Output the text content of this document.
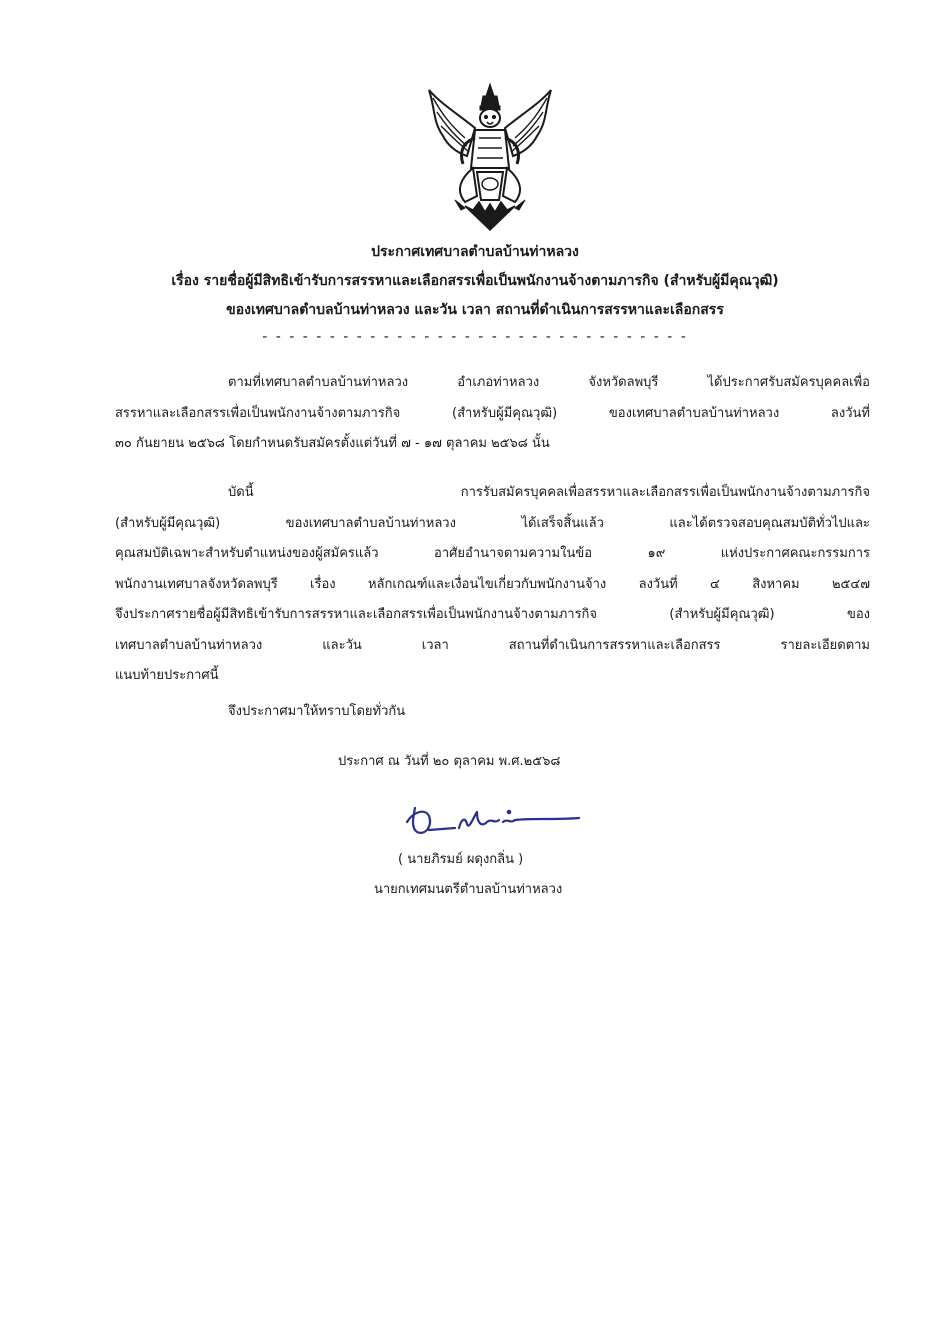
ประกาศเทศบาลตำบลบ้านท่าหลวง
เรื่อง รายชื่อผู้มีสิทธิเข้ารับการสรรหาและเลือกสรรเพื่อเป็นพนักงานจ้างตามภารกิจ (สำหรับผู้มีคุณวุฒิ)
ของเทศบาลตำบลบ้านท่าหลวง และวัน เวลา สถานที่ดำเนินการสรรหาและเลือกสรร
- - - - - - - - - - - - - - - - - - - - - - - - - - - - - - - -
ตามที่เทศบาลตำบลบ้านท่าหลวง อำเภอท่าหลวง จังหวัดลพบุรี ได้ประกาศรับสมัครบุคคลเพื่อ
สรรหาและเลือกสรรเพื่อเป็นพนักงานจ้างตามภารกิจ (สำหรับผู้มีคุณวุฒิ) ของเทศบาลตำบลบ้านท่าหลวง ลงวันที่
๓๐ กันยายน ๒๕๖๘ โดยกำหนดรับสมัครตั้งแต่วันที่ ๗ - ๑๗ ตุลาคม ๒๕๖๘ นั้น
บัดนี้ การรับสมัครบุคคลเพื่อสรรหาและเลือกสรรเพื่อเป็นพนักงานจ้างตามภารกิจ
(สำหรับผู้มีคุณวุฒิ) ของเทศบาลตำบลบ้านท่าหลวง ได้เสร็จสิ้นแล้ว และได้ตรวจสอบคุณสมบัติทั่วไปและ
คุณสมบัติเฉพาะสำหรับตำแหน่งของผู้สมัครแล้ว อาศัยอำนาจตามความในข้อ ๑๙ แห่งประกาศคณะกรรมการ
พนักงานเทศบาลจังหวัดลพบุรี เรื่อง หลักเกณฑ์และเงื่อนไขเกี่ยวกับพนักงานจ้าง ลงวันที่ ๔ สิงหาคม ๒๕๔๗
จึงประกาศรายชื่อผู้มีสิทธิเข้ารับการสรรหาและเลือกสรรเพื่อเป็นพนักงานจ้างตามภารกิจ (สำหรับผู้มีคุณวุฒิ) ของ
เทศบาลตำบลบ้านท่าหลวง และวัน เวลา สถานที่ดำเนินการสรรหาและเลือกสรร รายละเอียดตาม
แนบท้ายประกาศนี้
จึงประกาศมาให้ทราบโดยทั่วกัน
ประกาศ ณ วันที่ ๒๐ ตุลาคม พ.ศ.๒๕๖๘
( นายภิรมย์ ผดุงกลิ่น )
นายกเทศมนตรีตำบลบ้านท่าหลวง
